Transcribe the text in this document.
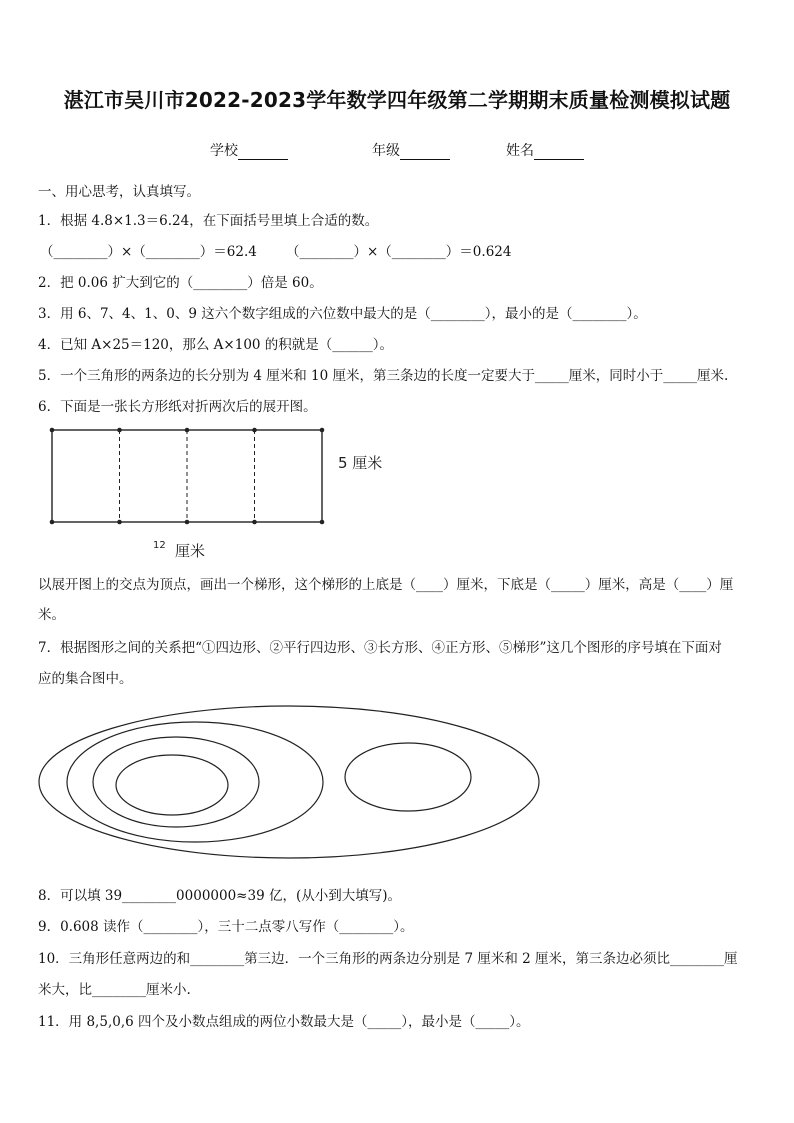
湛江市吴川市2022-2023学年数学四年级第二学期期末质量检测模拟试题
学校	年级	姓名
一、用心思考，认真填写。
1．根据 4.8×1.3＝6.24，在下面括号里填上合适的数。
（________）×（________）＝62.4 （________）×（________）＝0.624
2．把 0.06 扩大到它的（________）倍是 60。
3．用 6、7、4、1、0、9 这六个数字组成的六位数中最大的是（________），最小的是（________）。
4．已知 A×25＝120，那么 A×100 的积就是（______）。
5．一个三角形的两条边的长分别为 4 厘米和 10 厘米，第三条边的长度一定要大于_____厘米，同时小于_____厘米.
6．下面是一张长方形纸对折两次后的展开图。
5 厘米
12 厘米
以展开图上的交点为顶点，画出一个梯形，这个梯形的上底是（____）厘米，下底是（_____）厘米，高是（____）厘
米。
7．根据图形之间的关系把“①四边形、②平行四边形、③长方形、④正方形、⑤梯形”这几个图形的序号填在下面对
应的集合图中。
8．可以填 39________0000000≈39 亿，(从小到大填写)。
9．0.608 读作（________），三十二点零八写作（________）。
10．三角形任意两边的和________第三边．一个三角形的两条边分别是 7 厘米和 2 厘米，第三条边必须比________厘
米大，比________厘米小.
11．用 8,5,0,6 四个及小数点组成的两位小数最大是（_____），最小是（_____）。
